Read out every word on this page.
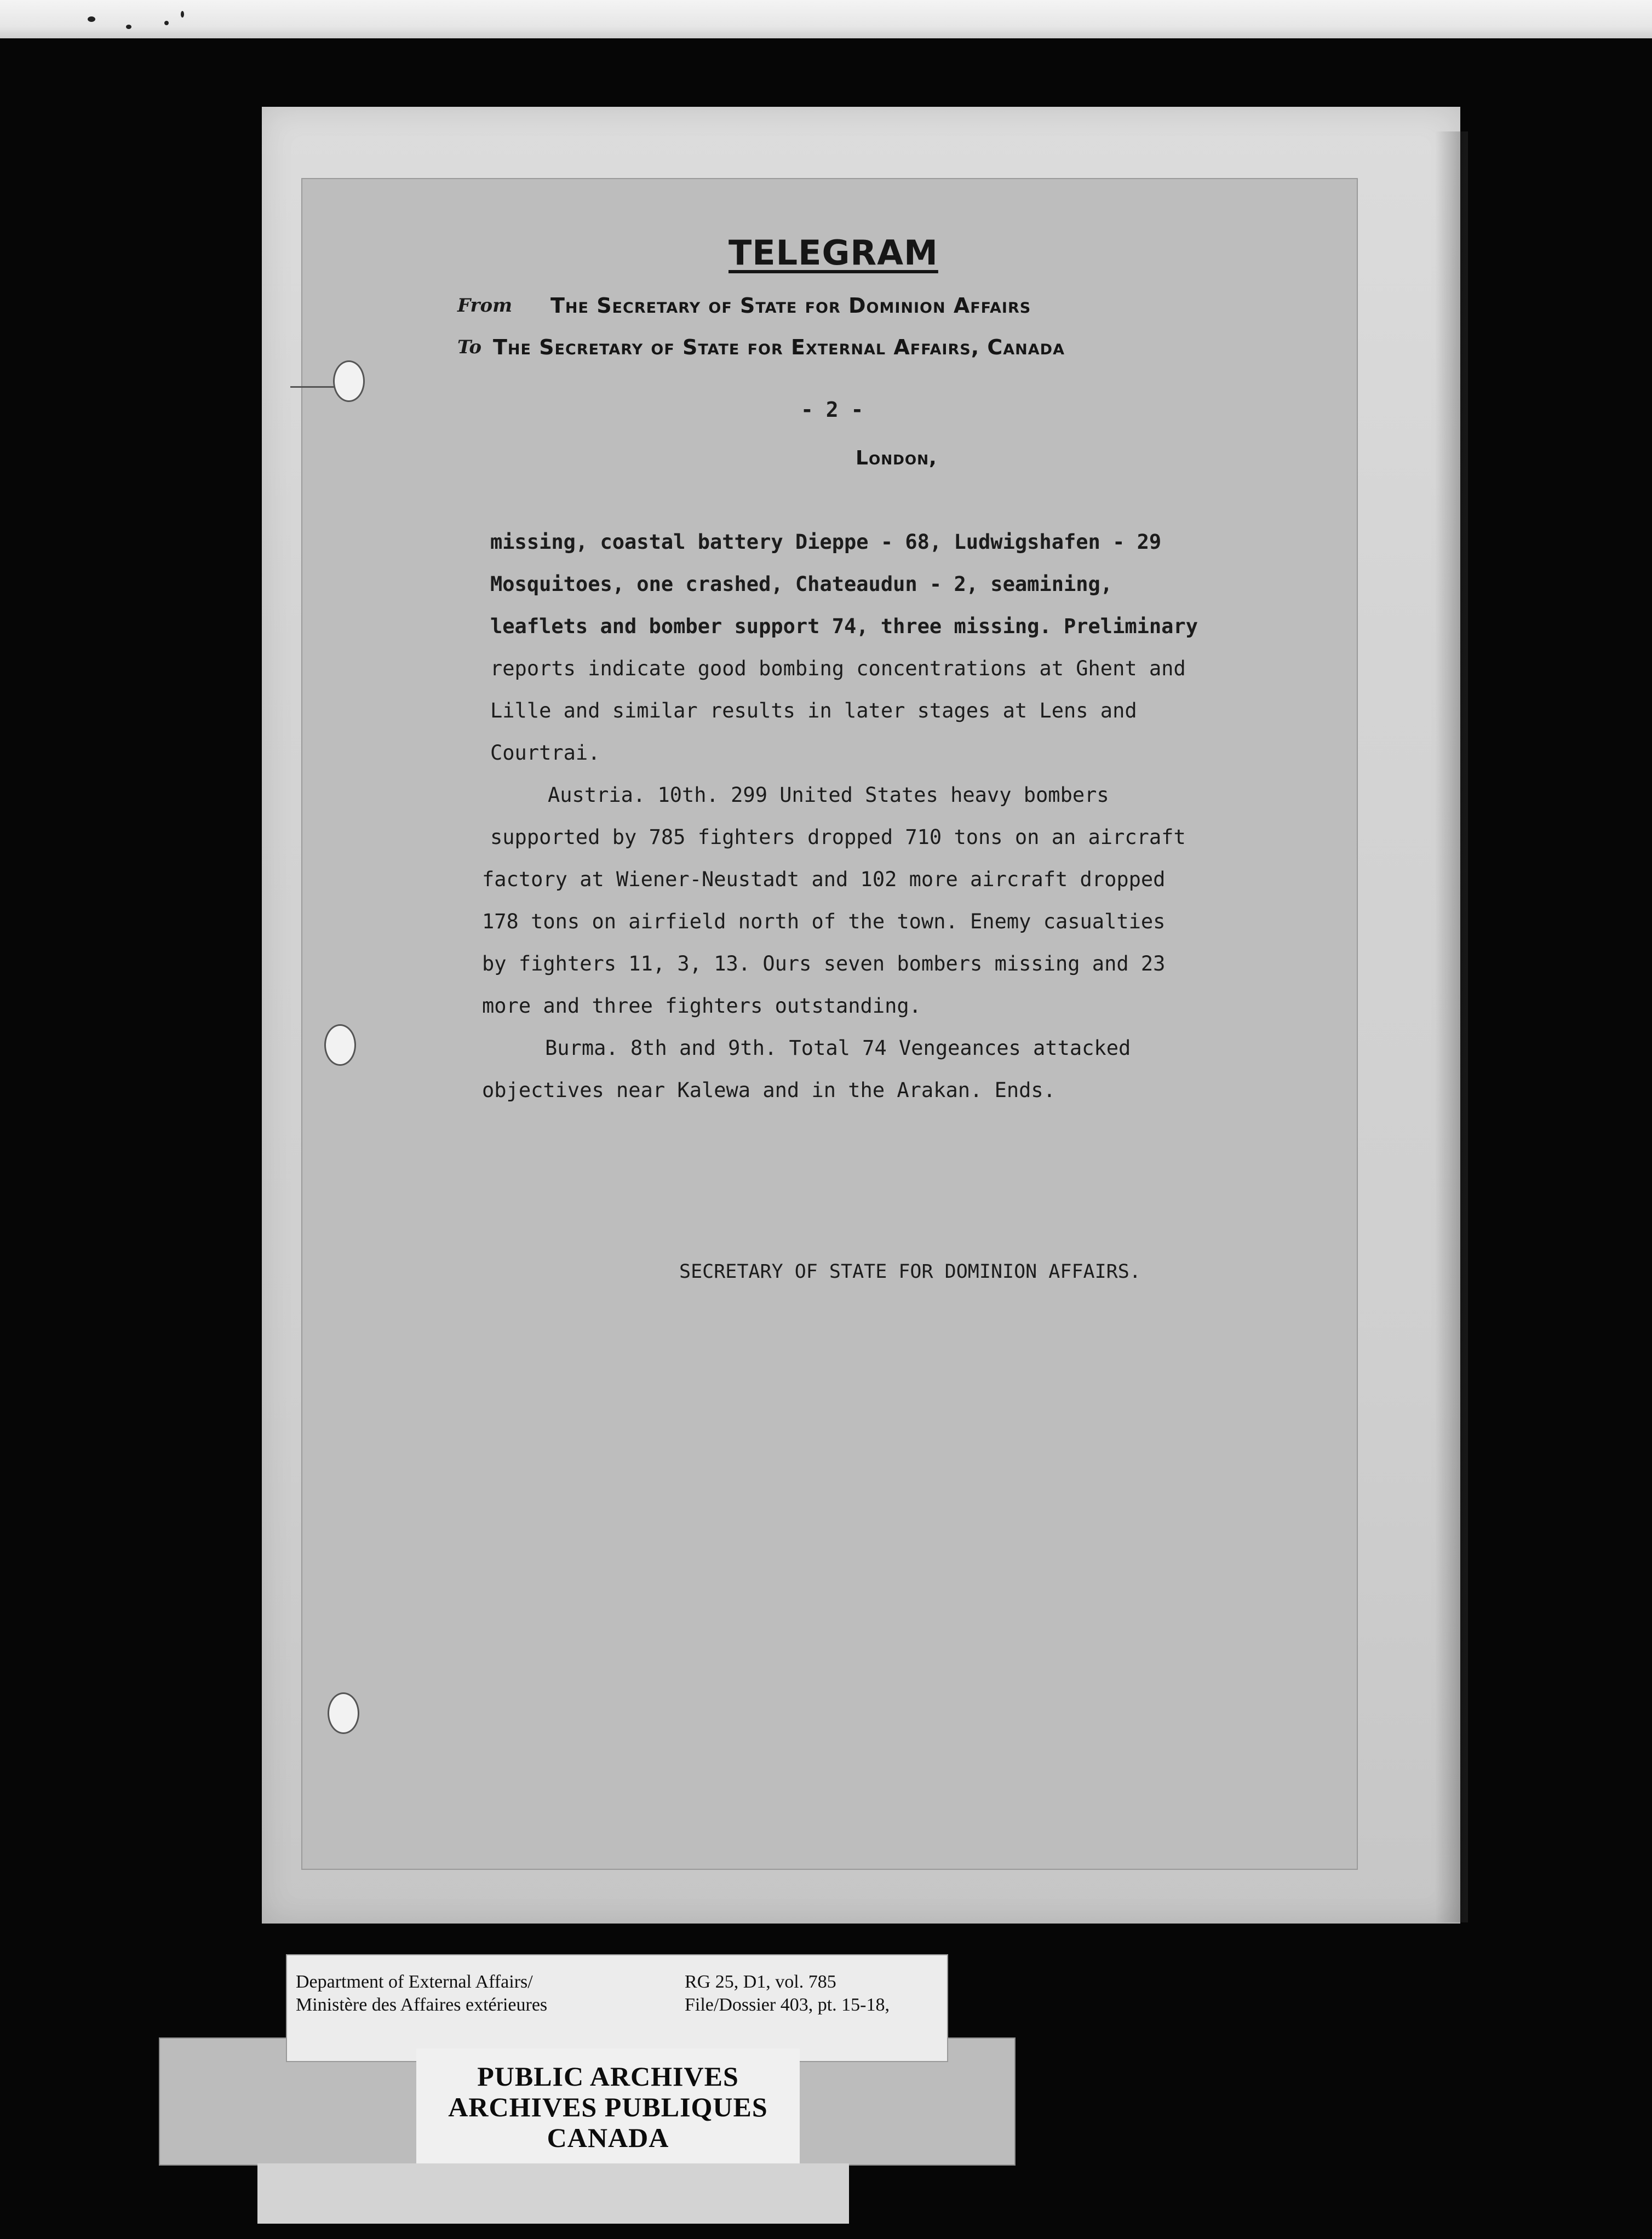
TELEGRAM
From The Secretary of State for Dominion Affairs
To The Secretary of State for External Affairs, Canada
- 2 -
London,
missing, coastal battery Dieppe - 68, Ludwigshafen - 29
Mosquitoes, one crashed, Chateaudun - 2, seamining,
leaflets and bomber support 74, three missing. Preliminary
reports indicate good bombing concentrations at Ghent and
Lille and similar results in later stages at Lens and
Courtrai.
Austria. 10th. 299 United States heavy bombers
supported by 785 fighters dropped 710 tons on an aircraft
factory at Wiener-Neustadt and 102 more aircraft dropped
178 tons on airfield north of the town. Enemy casualties
by fighters 11, 3, 13. Ours seven bombers missing and 23
more and three fighters outstanding.
Burma. 8th and 9th. Total 74 Vengeances attacked
objectives near Kalewa and in the Arakan. Ends.
SECRETARY OF STATE FOR DOMINION AFFAIRS.
Department of External Affairs/
Ministère des Affaires extérieures
RG 25, D1, vol. 785
File/Dossier 403, pt. 15-18,
PUBLIC ARCHIVES
ARCHIVES PUBLIQUES
CANADA
